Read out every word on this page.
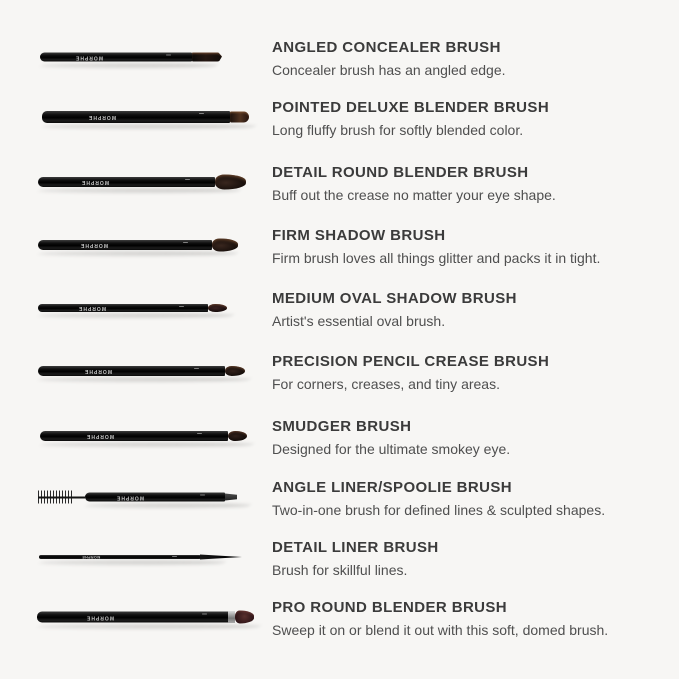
MORPHE
ANGLED CONCEALER BRUSH
Concealer brush has an angled edge.
MORPHE
POINTED DELUXE BLENDER BRUSH
Long fluffy brush for softly blended color.
MORPHE
DETAIL ROUND BLENDER BRUSH
Buff out the crease no matter your eye shape.
MORPHE
FIRM SHADOW BRUSH
Firm brush loves all things glitter and packs it in tight.
MORPHE
MEDIUM OVAL SHADOW BRUSH
Artist's essential oval brush.
MORPHE
PRECISION PENCIL CREASE BRUSH
For corners, creases, and tiny areas.
MORPHE
SMUDGER BRUSH
Designed for the ultimate smokey eye.
MORPHE
ANGLE LINER/SPOOLIE BRUSH
Two-in-one brush for defined lines & sculpted shapes.
MORPHE
DETAIL LINER BRUSH
Brush for skillful lines.
MORPHE
PRO ROUND BLENDER BRUSH
Sweep it on or blend it out with this soft, domed brush.
